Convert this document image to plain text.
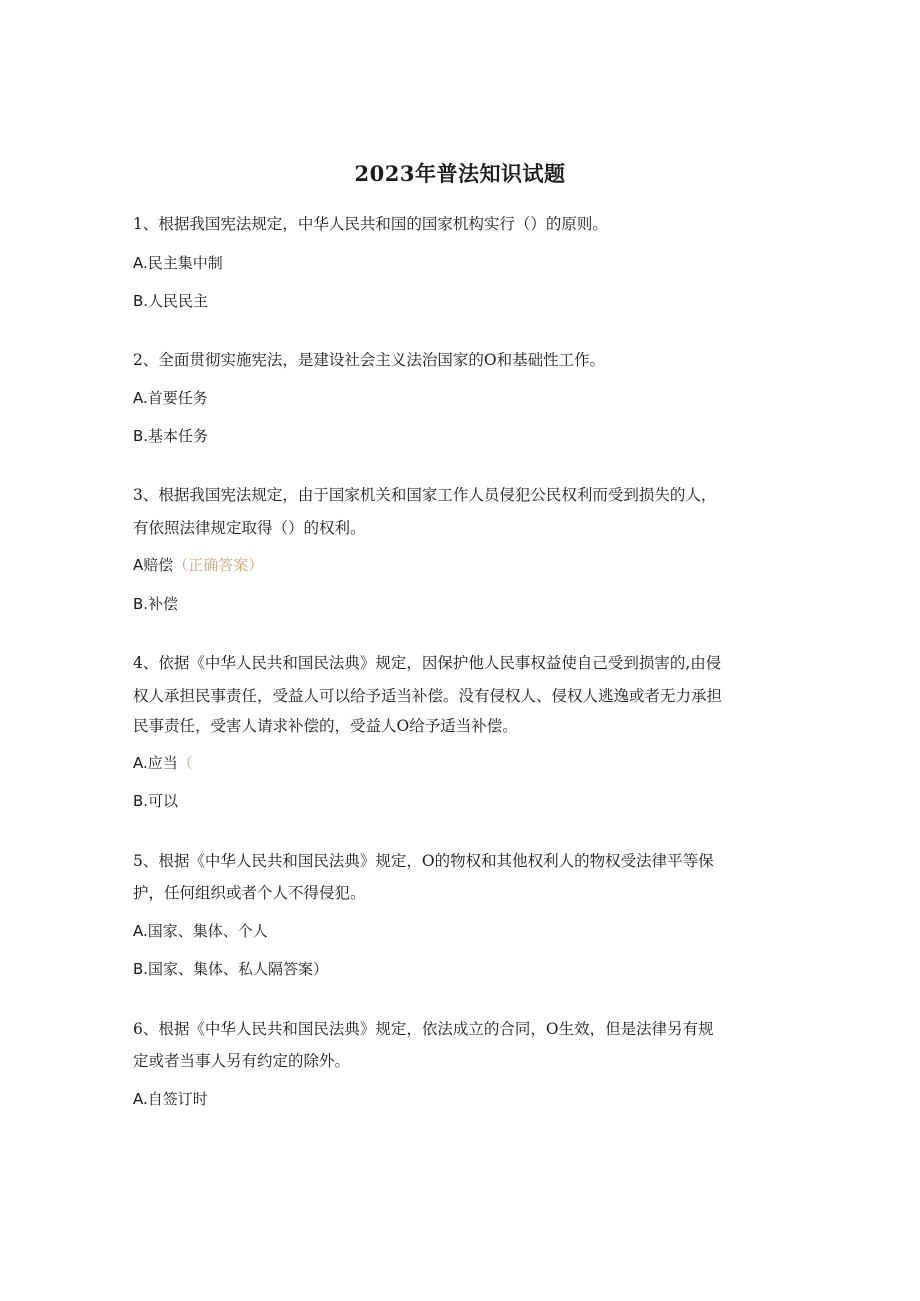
2023年普法知识试题
1、根据我国宪法规定，中华人民共和国的国家机构实行（）的原则。
A.民主集中制
B.人民民主
2、全面贯彻实施宪法，是建设社会主义法治国家的O和基础性工作。
A.首要任务
B.基本任务
3、根据我国宪法规定，由于国家机关和国家工作人员侵犯公民权利而受到损失的人，
有依照法律规定取得（）的权利。
A赔偿（正确答案）
B.补偿
4、依据《中华人民共和国民法典》规定，因保护他人民事权益使自己受到损害的,由侵
权人承担民事责任，受益人可以给予适当补偿。没有侵权人、侵权人逃逸或者无力承担
民事责任，受害人请求补偿的，受益人O给予适当补偿。
A.应当（
B.可以
5、根据《中华人民共和国民法典》规定，O的物权和其他权利人的物权受法律平等保
护，任何组织或者个人不得侵犯。
A.国家、集体、个人
B.国家、集体、私人隔答案）
6、根据《中华人民共和国民法典》规定，依法成立的合同，O生效，但是法律另有规
定或者当事人另有约定的除外。
A.自签订时
